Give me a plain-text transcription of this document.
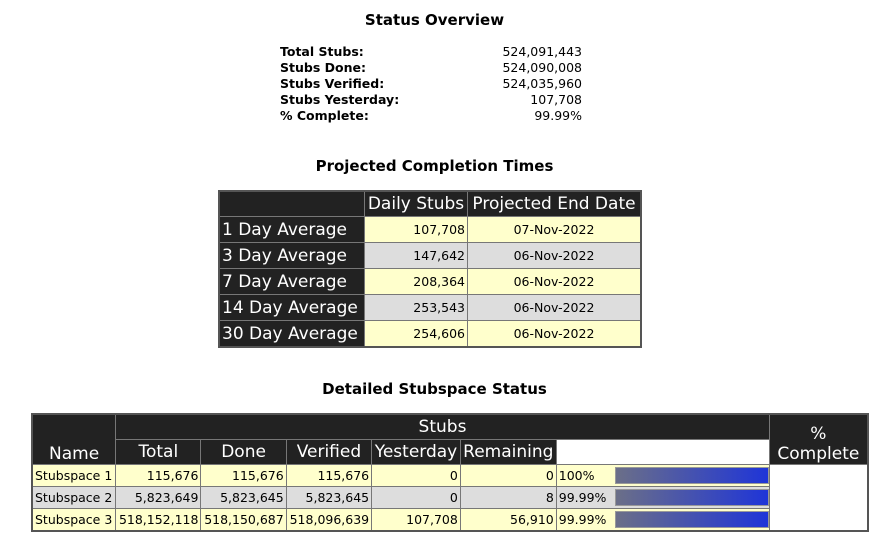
Status Overview
Total Stubs:	524,091,443
Stubs Done:	524,090,008
Stubs Verified:	524,035,960
Stubs Yesterday:	107,708
% Complete:	99.99%
Projected Completion Times
	Daily Stubs	Projected End Date
1 Day Average	107,708	07-Nov-2022
3 Day Average	147,642	06-Nov-2022
7 Day Average	208,364	06-Nov-2022
14 Day Average	253,543	06-Nov-2022
30 Day Average	254,606	06-Nov-2022
Detailed Stubspace Status
Name	Stubs						% Complete
	Total	Done	Verified	Yesterday	Remaining		
Stubspace 1	115,676	115,676	115,676	0	0	100%	

Stubspace 2	5,823,649	5,823,645	5,823,645	0	8	99.99%	

Stubspace 3	518,152,118	518,150,687	518,096,639	107,708	56,910	99.99%	
